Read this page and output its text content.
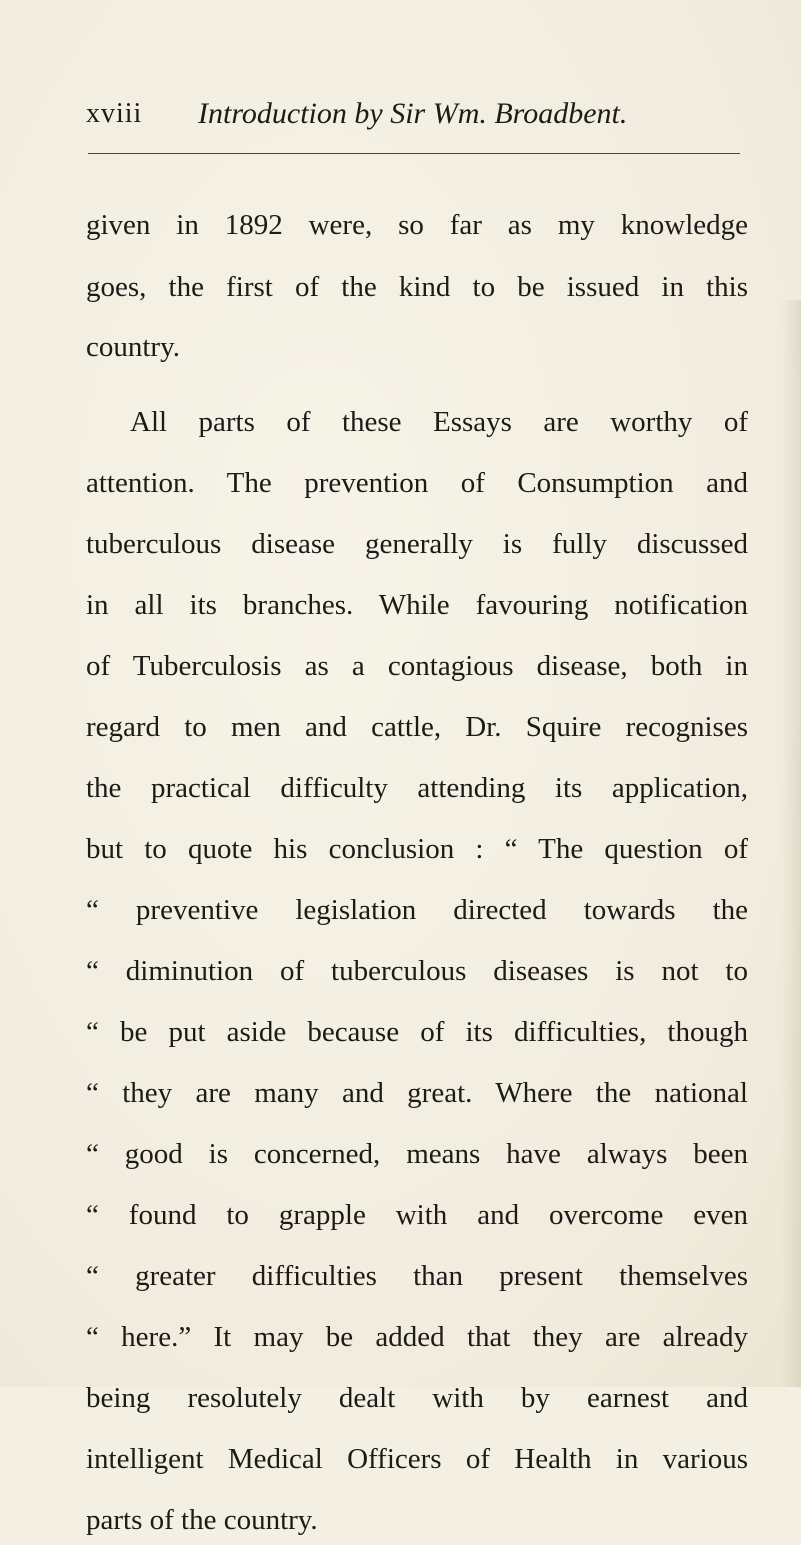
xviii Introduction by Sir Wm. Broadbent.
given in 1892 were, so far as my knowledge
goes, the first of the kind to be issued in this
country.
All parts of these Essays are worthy of
attention. The prevention of Consumption and
tuberculous disease generally is fully discussed
in all its branches. While favouring notification
of Tuberculosis as a contagious disease, both in
regard to men and cattle, Dr. Squire recognises
the practical difficulty attending its application,
but to quote his conclusion : “ The question of
“ preventive legislation directed towards the
“ diminution of tuberculous diseases is not to
“ be put aside because of its difficulties, though
“ they are many and great. Where the national
“ good is concerned, means have always been
“ found to grapple with and overcome even
“ greater difficulties than present themselves
“ here.” It may be added that they are already
being resolutely dealt with by earnest and
intelligent Medical Officers of Health in various
parts of the country.
